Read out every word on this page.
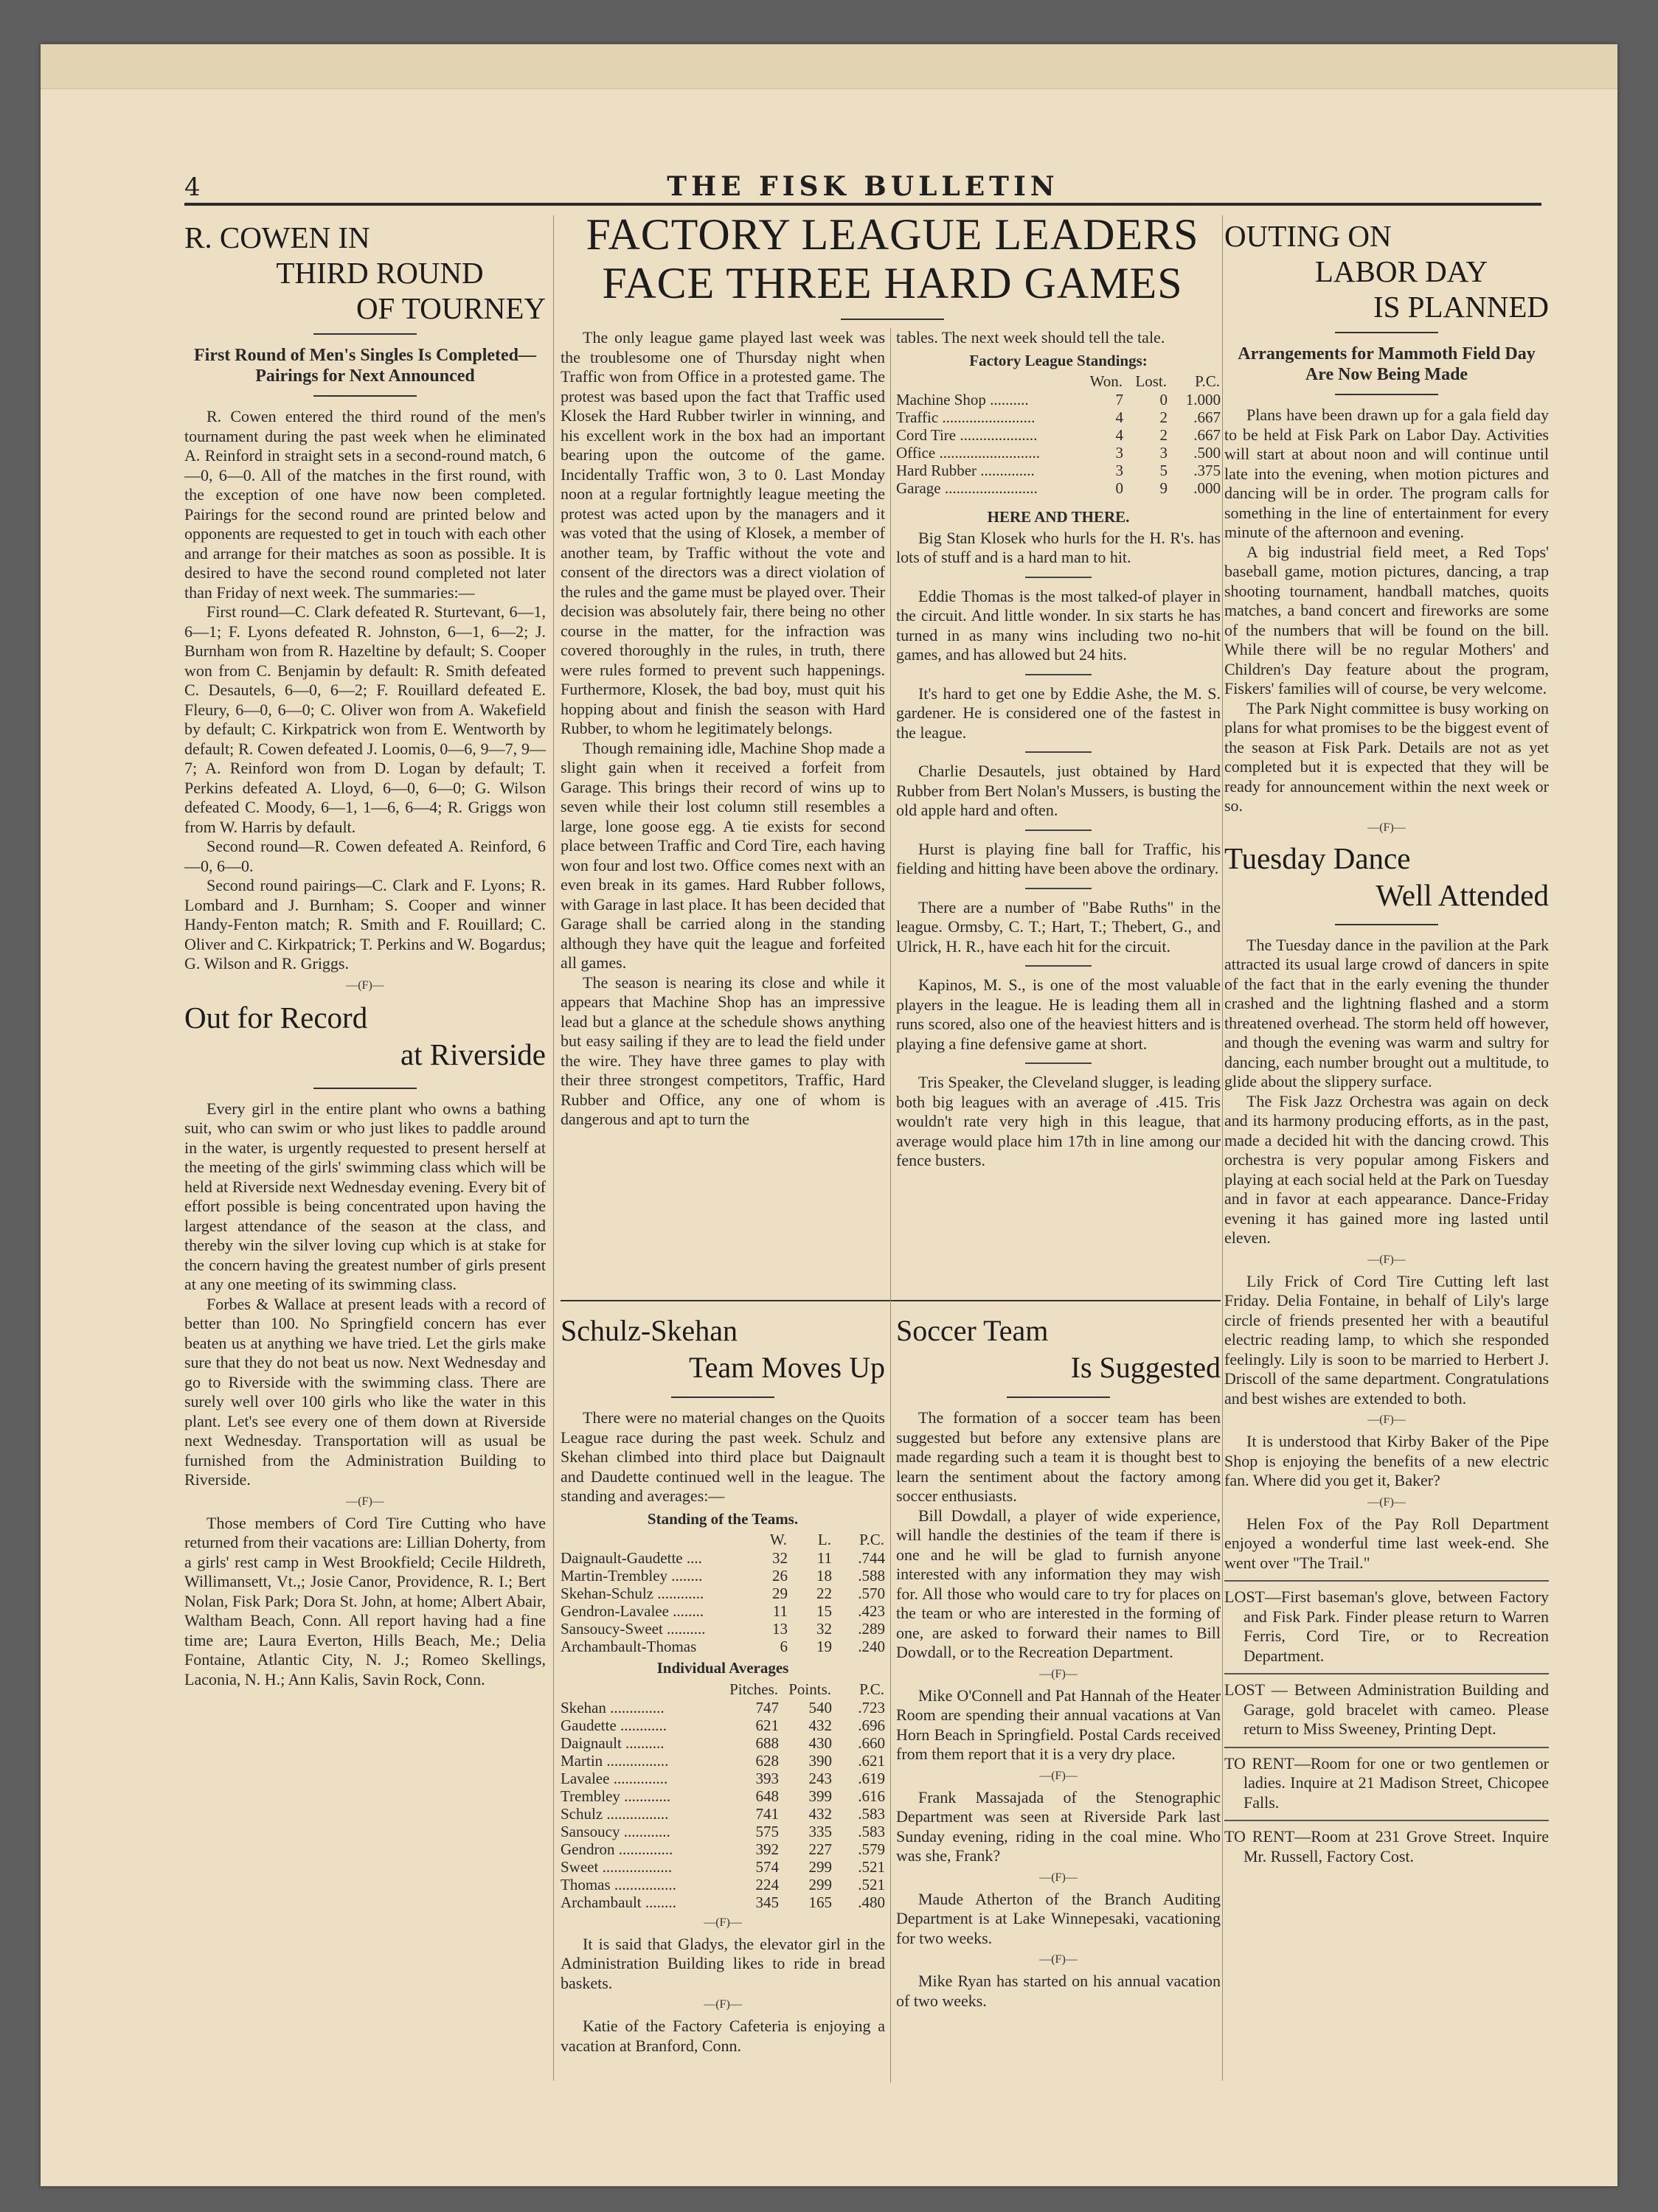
4	THE FISK BULLETIN
R. COWEN IN
THIRD ROUND
OF TOURNEY
First Round of Men's Singles Is Completed—Pairings for Next Announced

R. Cowen entered the third round of the men's tournament during the past week when he eliminated A. Reinford in straight sets in a second-round match, 6—0, 6—0. All of the matches in the first round, with the exception of one have now been completed. Pairings for the second round are printed below and opponents are requested to get in touch with each other and arrange for their matches as soon as possible. It is desired to have the second round completed not later than Friday of next week. The summaries:—

First round—C. Clark defeated R. Sturtevant, 6—1, 6—1; F. Lyons defeated R. Johnston, 6—1, 6—2; J. Burnham won from R. Hazeltine by default; S. Cooper won from C. Benjamin by default: R. Smith defeated C. Desautels, 6—0, 6—2; F. Rouillard defeated E. Fleury, 6—0, 6—0; C. Oliver won from A. Wakefield by default; C. Kirkpatrick won from E. Wentworth by default; R. Cowen defeated J. Loomis, 0—6, 9—7, 9—7; A. Reinford won from D. Logan by default; T. Perkins defeated A. Lloyd, 6—0, 6—0; G. Wilson defeated C. Moody, 6—1, 1—6, 6—4; R. Griggs won from W. Harris by default.

Second round—R. Cowen defeated A. Reinford, 6—0, 6—0.

Second round pairings—C. Clark and F. Lyons; R. Lombard and J. Burnham; S. Cooper and winner Handy-Fenton match; R. Smith and F. Rouillard; C. Oliver and C. Kirkpatrick; T. Perkins and W. Bogardus; G. Wilson and R. Griggs.

—(F)—
Out for Record
at Riverside

Every girl in the entire plant who owns a bathing suit, who can swim or who just likes to paddle around in the water, is urgently requested to present herself at the meeting of the girls' swimming class which will be held at Riverside next Wednesday evening. Every bit of effort possible is being concentrated upon having the largest attendance of the season at the class, and thereby win the silver loving cup which is at stake for the concern having the greatest number of girls present at any one meeting of its swimming class.

Forbes & Wallace at present leads with a record of better than 100. No Springfield concern has ever beaten us at anything we have tried. Let the girls make sure that they do not beat us now. Next Wednesday and go to Riverside with the swimming class. There are surely well over 100 girls who like the water in this plant. Let's see every one of them down at Riverside next Wednesday. Transportation will as usual be furnished from the Administration Building to Riverside.

—(F)—

Those members of Cord Tire Cutting who have returned from their vacations are: Lillian Doherty, from a girls' rest camp in West Brookfield; Cecile Hildreth, Willimansett, Vt.,; Josie Canor, Providence, R. I.; Bert Nolan, Fisk Park; Dora St. John, at home; Albert Abair, Waltham Beach, Conn. All report having had a fine time are; Laura Everton, Hills Beach, Me.; Delia Fontaine, Atlantic City, N. J.; Romeo Skellings, Laconia, N. H.; Ann Kalis, Savin Rock, Conn.

FACTORY LEAGUE LEADERS
FACE THREE HARD GAMES

The only league game played last week was the troublesome one of Thursday night when Traffic won from Office in a protested game. The protest was based upon the fact that Traffic used Klosek the Hard Rubber twirler in winning, and his excellent work in the box had an important bearing upon the outcome of the game. Incidentally Traffic won, 3 to 0. Last Monday noon at a regular fortnightly league meeting the protest was acted upon by the managers and it was voted that the using of Klosek, a member of another team, by Traffic without the vote and consent of the directors was a direct violation of the rules and the game must be played over. Their decision was absolutely fair, there being no other course in the matter, for the infraction was covered thoroughly in the rules, in truth, there were rules formed to prevent such happenings. Furthermore, Klosek, the bad boy, must quit his hopping about and finish the season with Hard Rubber, to whom he legitimately belongs.

Though remaining idle, Machine Shop made a slight gain when it received a forfeit from Garage. This brings their record of wins up to seven while their lost column still resembles a large, lone goose egg. A tie exists for second place between Traffic and Cord Tire, each having won four and lost two. Office comes next with an even break in its games. Hard Rubber follows, with Garage in last place. It has been decided that Garage shall be carried along in the standing although they have quit the league and forfeited all games.

The season is nearing its close and while it appears that Machine Shop has an impressive lead but a glance at the schedule shows anything but easy sailing if they are to lead the field under the wire. They have three games to play with their three strongest competitors, Traffic, Hard Rubber and Office, any one of whom is dangerous and apt to turn the

tables. The next week should tell the tale.

Factory League Standings:
	Won.	Lost.	P.C.
Machine Shop ..........	7	0	1.000
Traffic ........................	4	2	.667
Cord Tire ....................	4	2	.667
Office ..........................	3	3	.500
Hard Rubber ..............	3	5	.375
Garage ........................	0	9	.000
HERE AND THERE.

Big Stan Klosek who hurls for the H. R's. has lots of stuff and is a hard man to hit.

Eddie Thomas is the most talked-of player in the circuit. And little wonder. In six starts he has turned in as many wins including two no-hit games, and has allowed but 24 hits.

It's hard to get one by Eddie Ashe, the M. S. gardener. He is considered one of the fastest in the league.

Charlie Desautels, just obtained by Hard Rubber from Bert Nolan's Mussers, is busting the old apple hard and often.

Hurst is playing fine ball for Traffic, his fielding and hitting have been above the ordinary.

There are a number of "Babe Ruths" in the league. Ormsby, C. T.; Hart, T.; Thebert, G., and Ulrick, H. R., have each hit for the circuit.

Kapinos, M. S., is one of the most valuable players in the league. He is leading them all in runs scored, also one of the heaviest hitters and is playing a fine defensive game at short.

Tris Speaker, the Cleveland slugger, is leading both big leagues with an average of .415. Tris wouldn't rate very high in this league, that average would place him 17th in line among our fence busters.

Schulz-Skehan
Team Moves Up

There were no material changes on the Quoits League race during the past week. Schulz and Skehan climbed into third place but Daignault and Daudette continued well in the league. The standing and averages:—

Standing of the Teams.
	W.	L.	P.C.
Daignault-Gaudette ....	32	11	.744
Martin-Trembley ........	26	18	.588
Skehan-Schulz ............	29	22	.570
Gendron-Lavalee ........	11	15	.423
Sansoucy-Sweet ..........	13	32	.289
Archambault-Thomas	6	19	.240
Individual Averages
	Pitches.	Points.	P.C.
Skehan ..............	747	540	.723
Gaudette ............	621	432	.696
Daignault ..........	688	430	.660
Martin ................	628	390	.621
Lavalee ..............	393	243	.619
Trembley ............	648	399	.616
Schulz ................	741	432	.583
Sansoucy ............	575	335	.583
Gendron ..............	392	227	.579
Sweet ..................	574	299	.521
Thomas ................	224	299	.521
Archambault ........	345	165	.480
—(F)—

It is said that Gladys, the elevator girl in the Administration Building likes to ride in bread baskets.

—(F)—

Katie of the Factory Cafeteria is enjoying a vacation at Branford, Conn.

Soccer Team
Is Suggested

The formation of a soccer team has been suggested but before any extensive plans are made regarding such a team it is thought best to learn the sentiment about the factory among soccer enthusiasts.

Bill Dowdall, a player of wide experience, will handle the destinies of the team if there is one and he will be glad to furnish anyone interested with any information they may wish for. All those who would care to try for places on the team or who are interested in the forming of one, are asked to forward their names to Bill Dowdall, or to the Recreation Department.

—(F)—

Mike O'Connell and Pat Hannah of the Heater Room are spending their annual vacations at Van Horn Beach in Springfield. Postal Cards received from them report that it is a very dry place.

—(F)—

Frank Massajada of the Stenographic Department was seen at Riverside Park last Sunday evening, riding in the coal mine. Who was she, Frank?

—(F)—

Maude Atherton of the Branch Auditing Department is at Lake Winnepesaki, vacationing for two weeks.

—(F)—

Mike Ryan has started on his annual vacation of two weeks.

OUTING ON
LABOR DAY
IS PLANNED
Arrangements for Mammoth Field Day Are Now Being Made

Plans have been drawn up for a gala field day to be held at Fisk Park on Labor Day. Activities will start at about noon and will continue until late into the evening, when motion pictures and dancing will be in order. The program calls for something in the line of entertainment for every minute of the afternoon and evening.

A big industrial field meet, a Red Tops' baseball game, motion pictures, dancing, a trap shooting tournament, handball matches, quoits matches, a band concert and fireworks are some of the numbers that will be found on the bill. While there will be no regular Mothers' and Children's Day feature about the program, Fiskers' families will of course, be very welcome.

The Park Night committee is busy working on plans for what promises to be the biggest event of the season at Fisk Park. Details are not as yet completed but it is expected that they will be ready for announcement within the next week or so.

—(F)—
Tuesday Dance
Well Attended

The Tuesday dance in the pavilion at the Park attracted its usual large crowd of dancers in spite of the fact that in the early evening the thunder crashed and the lightning flashed and a storm threatened overhead. The storm held off however, and though the evening was warm and sultry for dancing, each number brought out a multitude, to glide about the slippery surface.

The Fisk Jazz Orchestra was again on deck and its harmony producing efforts, as in the past, made a decided hit with the dancing crowd. This orchestra is very popular among Fiskers and playing at each social held at the Park on Tuesday and in favor at each appearance. Dance-Friday evening it has gained more ing lasted until eleven.

—(F)—

Lily Frick of Cord Tire Cutting left last Friday. Delia Fontaine, in behalf of Lily's large circle of friends presented her with a beautiful electric reading lamp, to which she responded feelingly. Lily is soon to be married to Herbert J. Driscoll of the same department. Congratulations and best wishes are extended to both.

—(F)—

It is understood that Kirby Baker of the Pipe Shop is enjoying the benefits of a new electric fan. Where did you get it, Baker?

—(F)—

Helen Fox of the Pay Roll Department enjoyed a wonderful time last week-end. She went over "The Trail."

LOST—First baseman's glove, between Factory and Fisk Park. Finder please return to Warren Ferris, Cord Tire, or to Recreation Department.

LOST — Between Administration Building and Garage, gold bracelet with cameo. Please return to Miss Sweeney, Printing Dept.

TO RENT—Room for one or two gentlemen or ladies. Inquire at 21 Madison Street, Chicopee Falls.

TO RENT—Room at 231 Grove Street. Inquire Mr. Russell, Factory Cost.
